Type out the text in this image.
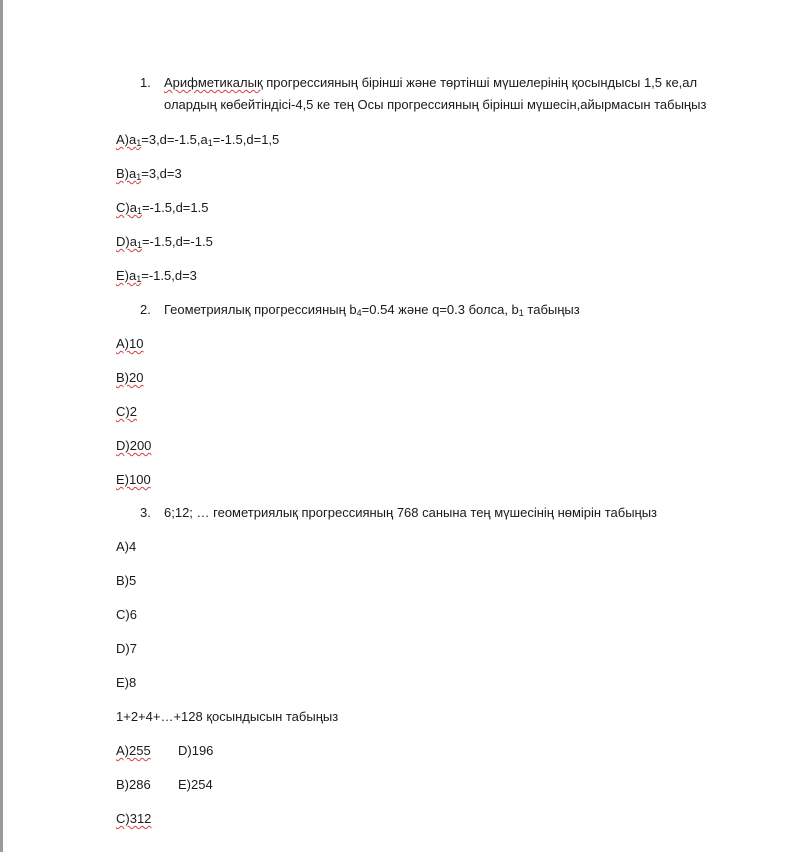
1. Арифметикалық прогрессияның бірінші және төртінші мүшелерінің қосындысы 1,5 ке,ал
олардың көбейтіндісі-4,5 ке тең Осы прогрессияның бірінші мүшесін,айырмасын табыңыз
$A)a_1=3,d=-1.5,a_1=-1.5,d=1,5$
$B)a_1=3,d=3$
$C)a_1=-1.5,d=1.5$
$D)a_1=-1.5,d=-1.5$
$E)a_1=-1.5,d=3$
2. Геометриялық прогрессияның $b_4=0.54$ және q=0.3 болса, $b_1$ табыңыз
A)10
B)20
C)2
D)200
E)100
3. 6;12; … геометриялық прогрессияның 768 санына тең мүшесінің нөмірін табыңыз
A)4
B)5
C)6
D)7
E)8
1+2+4+…+128 қосындысын табыңыз
A)255 D)196
B)286 E)254
C)312
